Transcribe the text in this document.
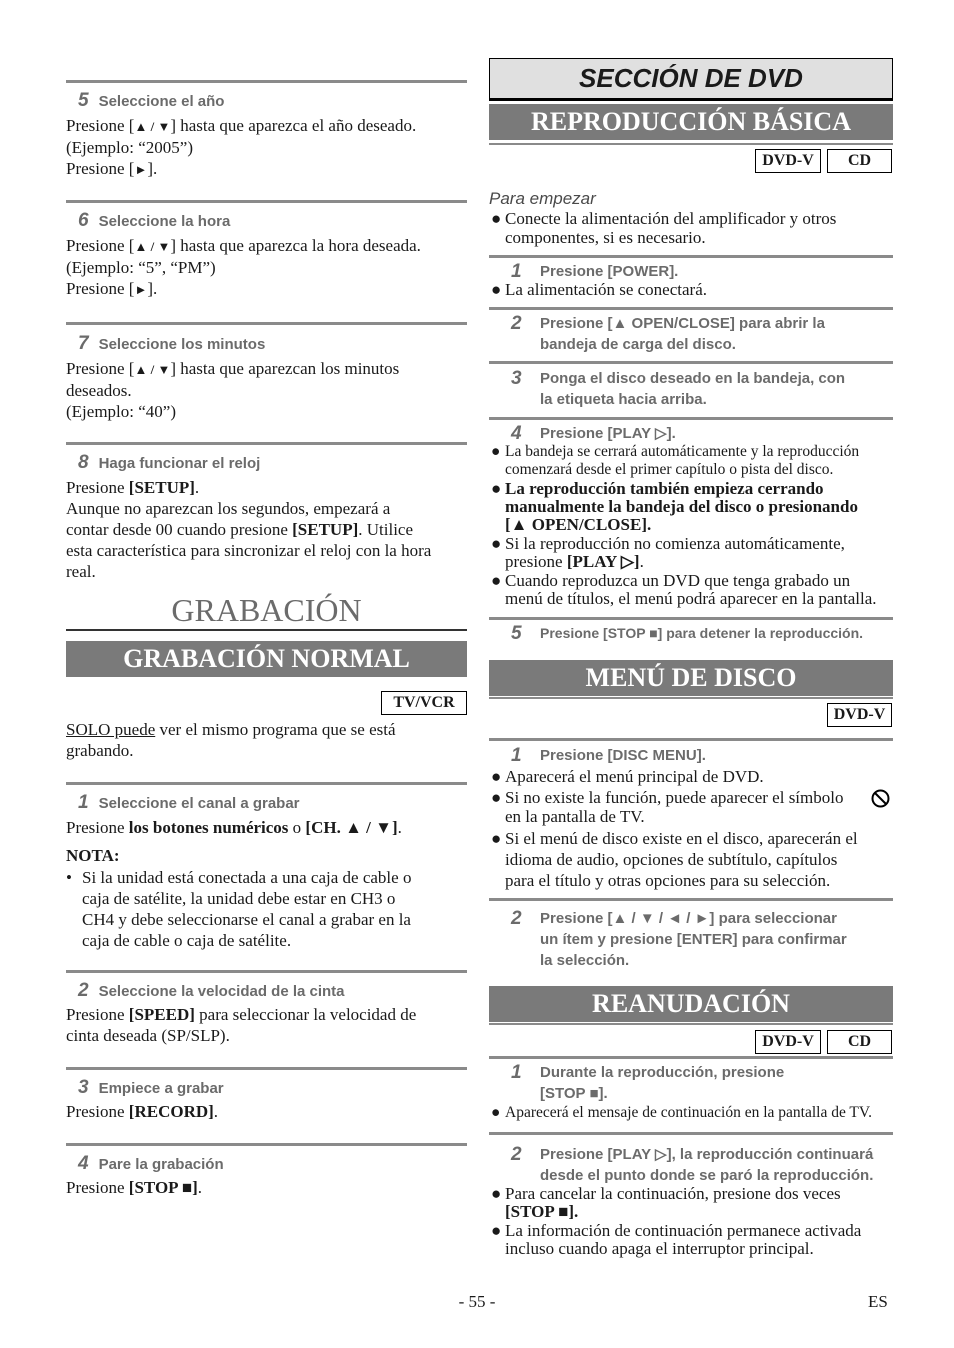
5 Seleccione el año
Presione [▲ / ▼] hasta que aparezca el año deseado.
(Ejemplo: “2005”)
Presione [►].
6 Seleccione la hora
Presione [▲ / ▼] hasta que aparezca la hora deseada.
(Ejemplo: “5”, “PM”)
Presione [►].
7 Seleccione los minutos
Presione [▲ / ▼] hasta que aparezcan los minutos
deseados.
(Ejemplo: “40”)
8 Haga funcionar el reloj
Presione [SETUP].
Aunque no aparezcan los segundos, empezará a
contar desde 00 cuando presione [SETUP]. Utilice
esta característica para sincronizar el reloj con la hora
real.
GRABACIÓN
GRABACIÓN NORMAL
TV/VCR
SOLO puede ver el mismo programa que se está
grabando.
1 Seleccione el canal a grabar
Presione los botones numéricos o [CH. ▲ / ▼].
NOTA:
• Si la unidad está conectada a una caja de cable o
caja de satélite, la unidad debe estar en CH3 o
CH4 y debe seleccionarse el canal a grabar en la
caja de cable o caja de satélite.
2 Seleccione la velocidad de la cinta
Presione [SPEED] para seleccionar la velocidad de
cinta deseada (SP/SLP).
3 Empiece a grabar
Presione [RECORD].
4 Pare la grabación
Presione [STOP ■].
SECCIÓN DE DVD
REPRODUCCIÓN BÁSICA
DVD-V	CD
Para empezar
● Conecte la alimentación del amplificador y otros
componentes, si es necesario.
1 Presione [POWER].
● La alimentación se conectará.
2 Presione [▲ OPEN/CLOSE] para abrir la
bandeja de carga del disco.
3 Ponga el disco deseado en la bandeja, con
la etiqueta hacia arriba.
4 Presione [PLAY ▷].
● La bandeja se cerrará automáticamente y la reproducción
comenzará desde el primer capítulo o pista del disco.
● La reproducción también empieza cerrando
manualmente la bandeja del disco o presionando
[▲ OPEN/CLOSE].
● Si la reproducción no comienza automáticamente,
presione [PLAY ▷].
● Cuando reproduzca un DVD que tenga grabado un
menú de títulos, el menú podrá aparecer en la pantalla.
5 Presione [STOP ■] para detener la reproducción.
MENÚ DE DISCO
DVD-V
1 Presione [DISC MENU].
● Aparecerá el menú principal de DVD.
● Si no existe la función, puede aparecer el símbolo
en la pantalla de TV.
● Si el menú de disco existe en el disco, aparecerán el
idioma de audio, opciones de subtítulo, capítulos
para el título y otras opciones para su selección.
2 Presione [▲ / ▼ / ◄ / ►] para seleccionar
un ítem y presione [ENTER] para confirmar
la selección.
REANUDACIÓN
DVD-V	CD
1 Durante la reproducción, presione
[STOP ■].
● Aparecerá el mensaje de continuación en la pantalla de TV.
2 Presione [PLAY ▷], la reproducción continuará
desde el punto donde se paró la reproducción.
● Para cancelar la continuación, presione dos veces
[STOP ■].
● La información de continuación permanece activada
incluso cuando apaga el interruptor principal.
- 55 -	ES
